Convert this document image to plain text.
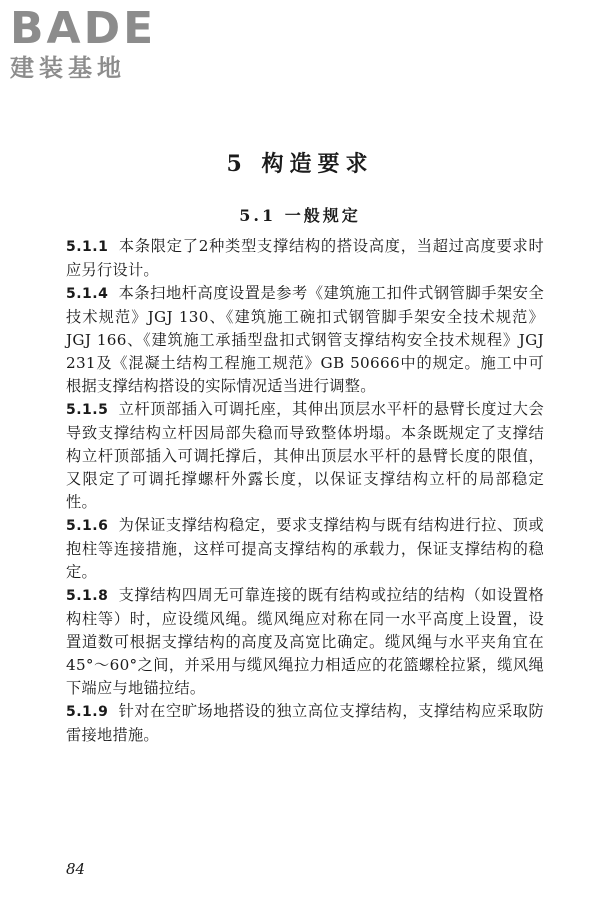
BADE
建装基地
5 构造要求
5.1 一般规定

5.1.1 本条限定了2种类型支撑结构的搭设高度，当超过高度要求时应另行设计。

5.1.4 本条扫地杆高度设置是参考《建筑施工扣件式钢管脚手架安全技术规范》JGJ 130、《建筑施工碗扣式钢管脚手架安全技术规范》JGJ 166、《建筑施工承插型盘扣式钢管支撑结构安全技术规程》JGJ 231及《混凝土结构工程施工规范》GB 50666中的规定。施工中可根据支撑结构搭设的实际情况适当进行调整。

5.1.5 立杆顶部插入可调托座，其伸出顶层水平杆的悬臂长度过大会导致支撑结构立杆因局部失稳而导致整体坍塌。本条既规定了支撑结构立杆顶部插入可调托撑后，其伸出顶层水平杆的悬臂长度的限值，又限定了可调托撑螺杆外露长度，以保证支撑结构立杆的局部稳定性。

5.1.6 为保证支撑结构稳定，要求支撑结构与既有结构进行拉、顶或抱柱等连接措施，这样可提高支撑结构的承载力，保证支撑结构的稳定。

5.1.8 支撑结构四周无可靠连接的既有结构或拉结的结构（如设置格构柱等）时，应设缆风绳。缆风绳应对称在同一水平高度上设置，设置道数可根据支撑结构的高度及高宽比确定。缆风绳与水平夹角宜在45°～60°之间，并采用与缆风绳拉力相适应的花篮螺栓拉紧，缆风绳下端应与地锚拉结。

5.1.9 针对在空旷场地搭设的独立高位支撑结构，支撑结构应采取防雷接地措施。

84
